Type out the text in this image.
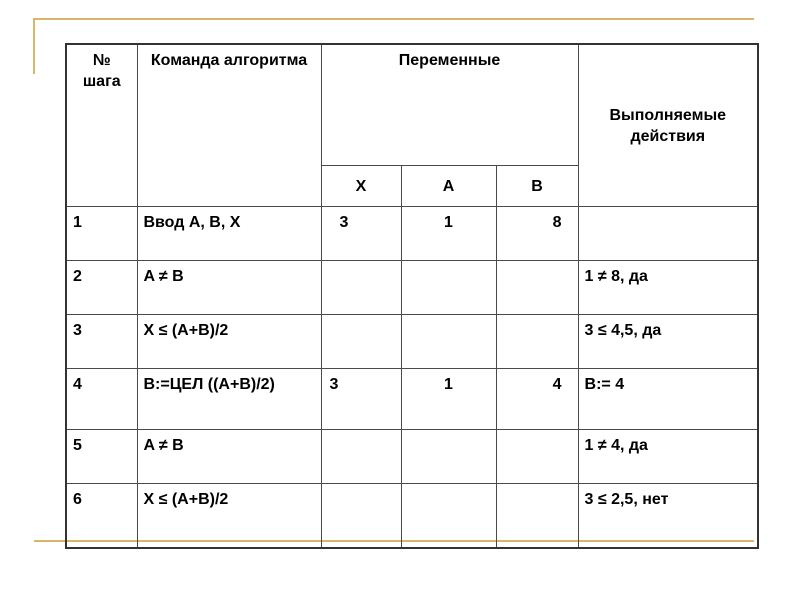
№ шага	Команда алгоритма	Переменные			Выполняемые действия
		X	A	B	
1	Ввод A, B, X	3	1	8	
2	A ≠ B				1 ≠ 8, да
3	X ≤ (A+B)/2				3 ≤ 4,5, да
4	B:=ЦЕЛ ((A+B)/2)	3	1	4	B:= 4
5	A ≠ B				1 ≠ 4, да
6	X ≤ (A+B)/2				3 ≤ 2,5, нет
